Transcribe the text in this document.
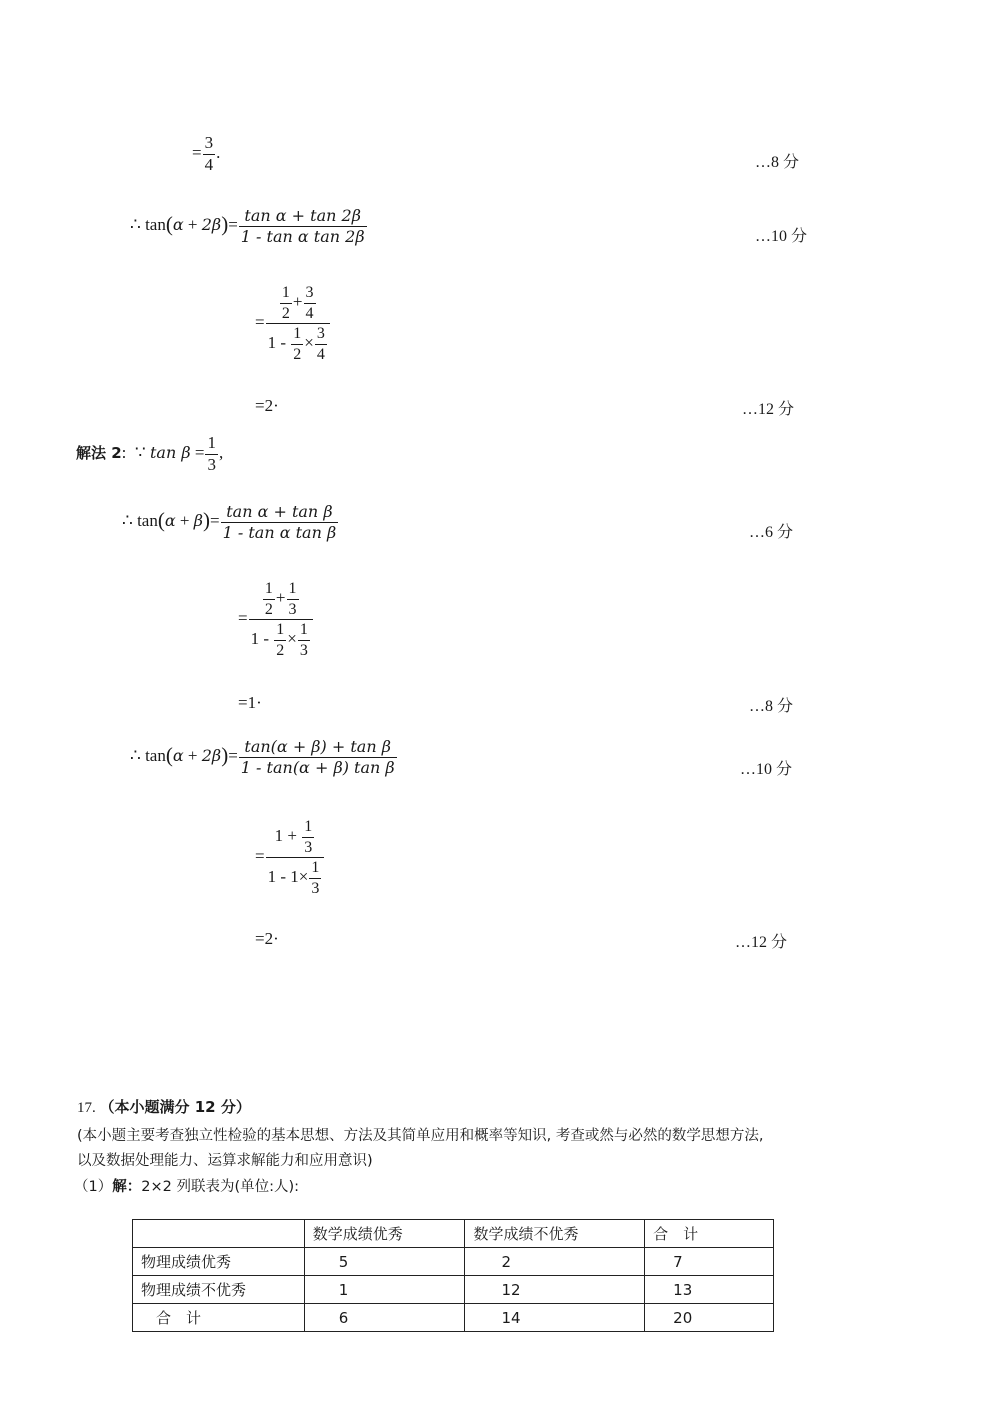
= $\frac{3}{4}$ .
…8 分
∴ $\tan(\alpha + 2\beta)= \frac{\text{tan α + tan 2β}}{\text{1 - tan α tan 2β}}$	…10 分
= $\frac{\frac{1}{2} + \frac{3}{4}}{1 - \frac{1}{2} \times \frac{3}{4}}$
=2·	…12 分
解法 2: ∵ $\tan \beta = \frac{1}{3}$ ,
∴ $\tan(\alpha + \beta)= \frac{\text{tan α + tan β}}{\text{1 - tan α tan β}}$	…6 分
= $\frac{\frac{1}{2} + \frac{1}{3}}{1 - \frac{1}{2} \times \frac{1}{3}}$
=1·	…8 分
∴ $\tan(\alpha + 2\beta)= \frac{\text{tan(α + β) + tan β}}{\text{1 - tan(α + β) tan β}}$	…10 分
= $\frac{1 + \frac{1}{3}}{1 - 1\times \frac{1}{3}}$
=2·	…12 分
17. （本小题满分 12 分）
(本小题主要考查独立性检验的基本思想、方法及其简单应用和概率等知识, 考查或然与必然的数学思想方法,
以及数据处理能力、运算求解能力和应用意识)
（1）解：2×2 列联表为(单位:人):
	数学成绩优秀	数学成绩不优秀	合　计
物理成绩优秀	5	2	7
物理成绩不优秀	1	12	13
　合　计	6	14	20
